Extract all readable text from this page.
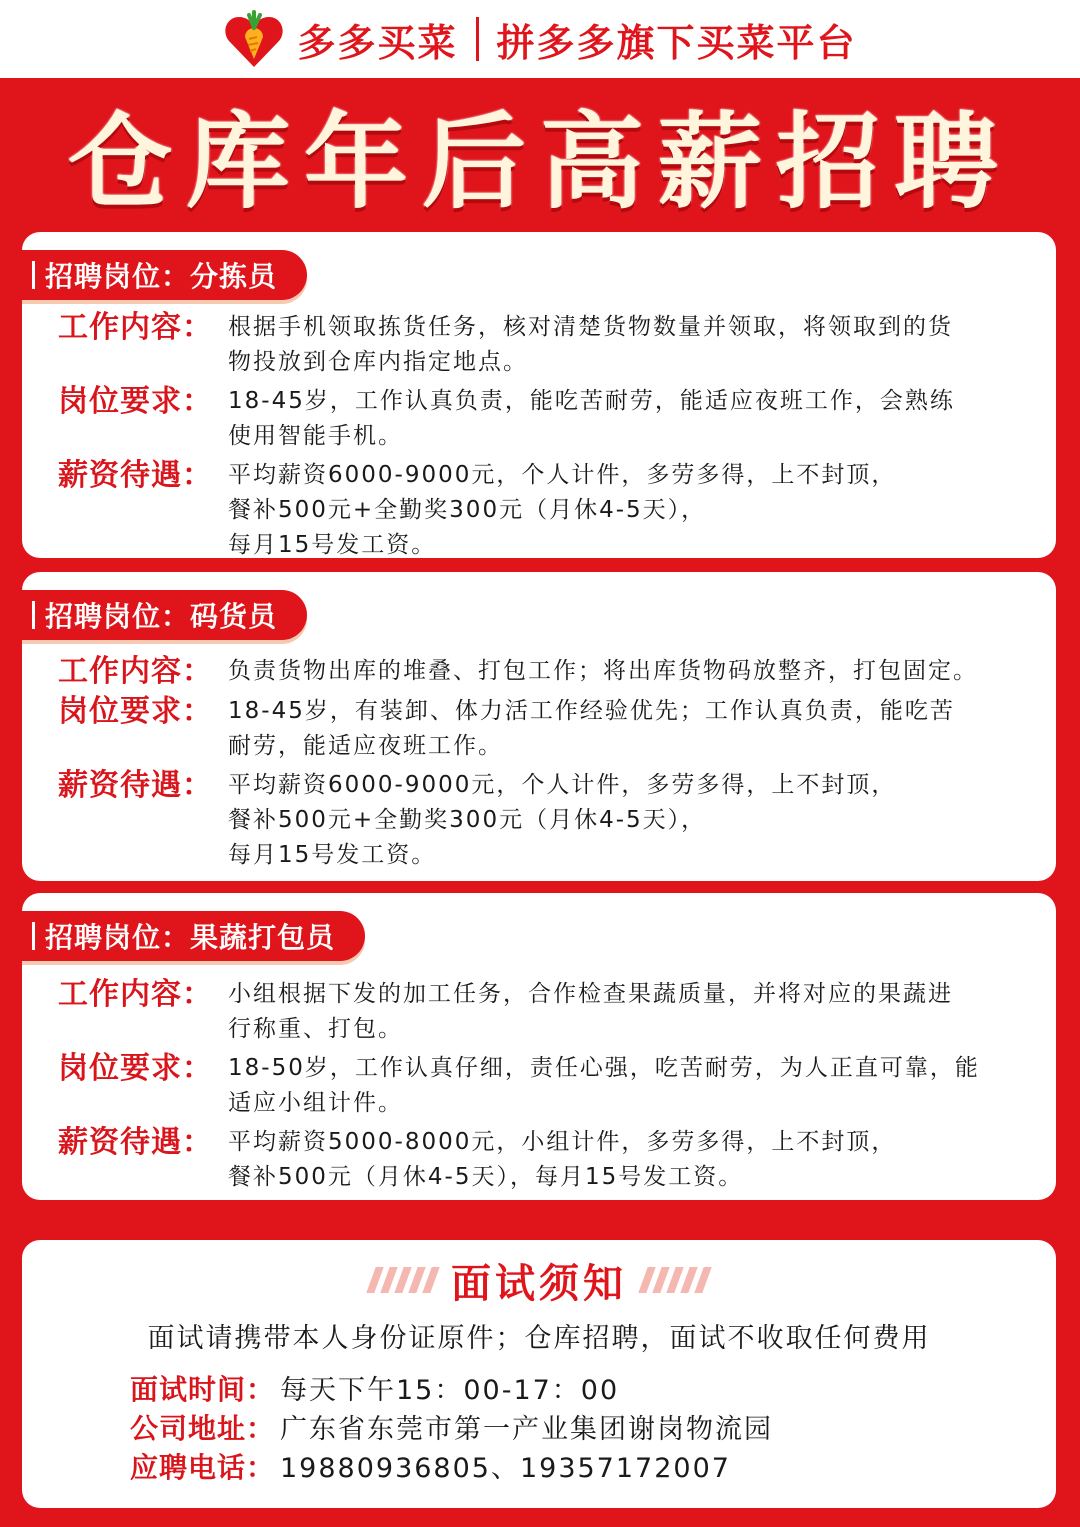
多多买菜 拼多多旗下买菜平台
仓库年后高薪招聘
招聘岗位：分拣员
工作内容： 根据手机领取拣货任务，核对清楚货物数量并领取，将领取到的货
物投放到仓库内指定地点。
岗位要求： 18-45岁，工作认真负责，能吃苦耐劳，能适应夜班工作，会熟练
使用智能手机。
薪资待遇： 平均薪资6000-9000元，个人计件，多劳多得，上不封顶，
餐补500元+全勤奖300元（月休4-5天），
每月15号发工资。
招聘岗位：码货员
工作内容： 负责货物出库的堆叠、打包工作；将出库货物码放整齐，打包固定。
岗位要求： 18-45岁，有装卸、体力活工作经验优先；工作认真负责，能吃苦
耐劳，能适应夜班工作。
薪资待遇： 平均薪资6000-9000元，个人计件，多劳多得，上不封顶，
餐补500元+全勤奖300元（月休4-5天），
每月15号发工资。
招聘岗位：果蔬打包员
工作内容： 小组根据下发的加工任务，合作检查果蔬质量，并将对应的果蔬进
行称重、打包。
岗位要求： 18-50岁，工作认真仔细，责任心强，吃苦耐劳，为人正直可靠，能
适应小组计件。
薪资待遇： 平均薪资5000-8000元，小组计件，多劳多得，上不封顶，
餐补500元（月休4-5天），每月15号发工资。
面试须知
面试请携带本人身份证原件；仓库招聘，面试不收取任何费用
面试时间： 每天下午15：00-17：00
公司地址： 广东省东莞市第一产业集团谢岗物流园
应聘电话： 19880936805、19357172007
